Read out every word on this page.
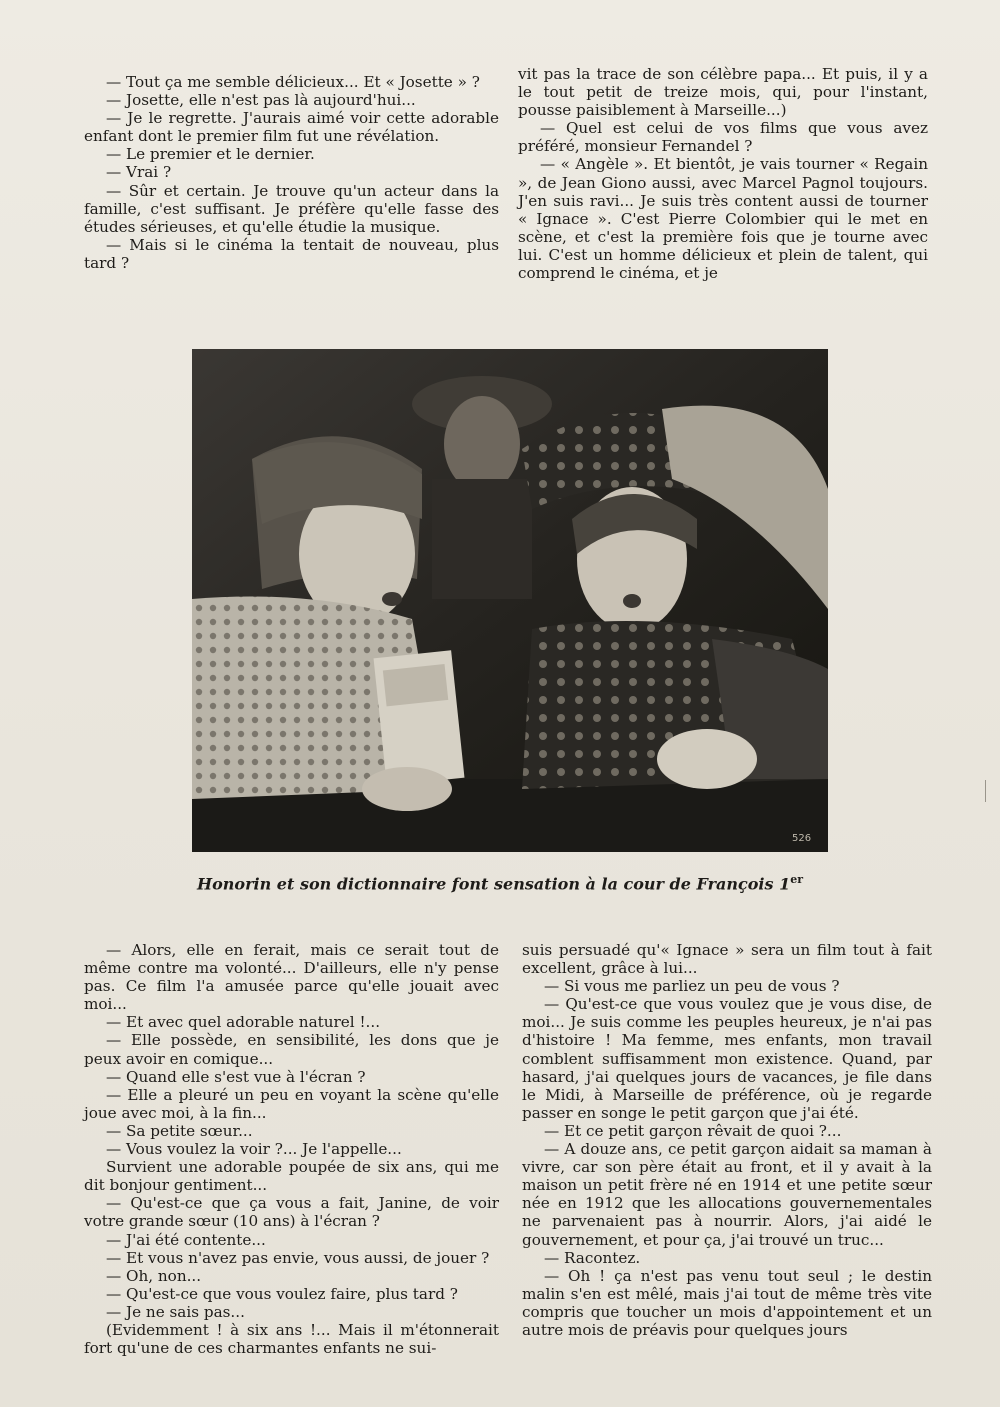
— Tout ça me semble délicieux... Et « Josette » ?

— Josette, elle n'est pas là aujourd'hui...

— Je le regrette. J'aurais aimé voir cette adorable enfant dont le premier film fut une révélation.

— Le premier et le dernier.

— Vrai ?

— Sûr et certain. Je trouve qu'un acteur dans la famille, c'est suffisant. Je préfère qu'elle fasse des études sérieuses, et qu'elle étudie la musique.

— Mais si le cinéma la tentait de nouveau, plus tard ?

vit pas la trace de son célèbre papa... Et puis, il y a le tout petit de treize mois, qui, pour l'instant, pousse paisiblement à Marseille...)

— Quel est celui de vos films que vous avez préféré, monsieur Fernandel ?

— « Angèle ». Et bientôt, je vais tourner « Regain », de Jean Giono aussi, avec Marcel Pagnol toujours. J'en suis ravi... Je suis très content aussi de tourner « Ignace ». C'est Pierre Colombier qui le met en scène, et c'est la première fois que je tourne avec lui. C'est un homme délicieux et plein de talent, qui comprend le cinéma, et je

526
Honorin et son dictionnaire font sensation à la cour de François 1er

— Alors, elle en ferait, mais ce serait tout de même contre ma volonté... D'ailleurs, elle n'y pense pas. Ce film l'a amusée parce qu'elle jouait avec moi...

— Et avec quel adorable naturel !...

— Elle possède, en sensibilité, les dons que je peux avoir en comique...

— Quand elle s'est vue à l'écran ?

— Elle a pleuré un peu en voyant la scène qu'elle joue avec moi, à la fin...

— Sa petite sœur...

— Vous voulez la voir ?... Je l'appelle...

Survient une adorable poupée de six ans, qui me dit bonjour gentiment...

— Qu'est-ce que ça vous a fait, Janine, de voir votre grande sœur (10 ans) à l'écran ?

— J'ai été contente...

— Et vous n'avez pas envie, vous aussi, de jouer ?

— Oh, non...

— Qu'est-ce que vous voulez faire, plus tard ?

— Je ne sais pas...

(Evidemment ! à six ans !... Mais il m'étonnerait fort qu'une de ces charmantes enfants ne sui-

suis persuadé qu'« Ignace » sera un film tout à fait excellent, grâce à lui...

— Si vous me parliez un peu de vous ?

— Qu'est-ce que vous voulez que je vous dise, de moi... Je suis comme les peuples heureux, je n'ai pas d'histoire ! Ma femme, mes enfants, mon travail comblent suffisamment mon existence. Quand, par hasard, j'ai quelques jours de vacances, je file dans le Midi, à Marseille de préférence, où je regarde passer en songe le petit garçon que j'ai été.

— Et ce petit garçon rêvait de quoi ?...

— A douze ans, ce petit garçon aidait sa maman à vivre, car son père était au front, et il y avait à la maison un petit frère né en 1914 et une petite sœur née en 1912 que les allocations gouvernementales ne parvenaient pas à nourrir. Alors, j'ai aidé le gouvernement, et pour ça, j'ai trouvé un truc...

— Racontez.

— Oh ! ça n'est pas venu tout seul ; le destin malin s'en est mêlé, mais j'ai tout de même très vite compris que toucher un mois d'appointement et un autre mois de préavis pour quelques jours
